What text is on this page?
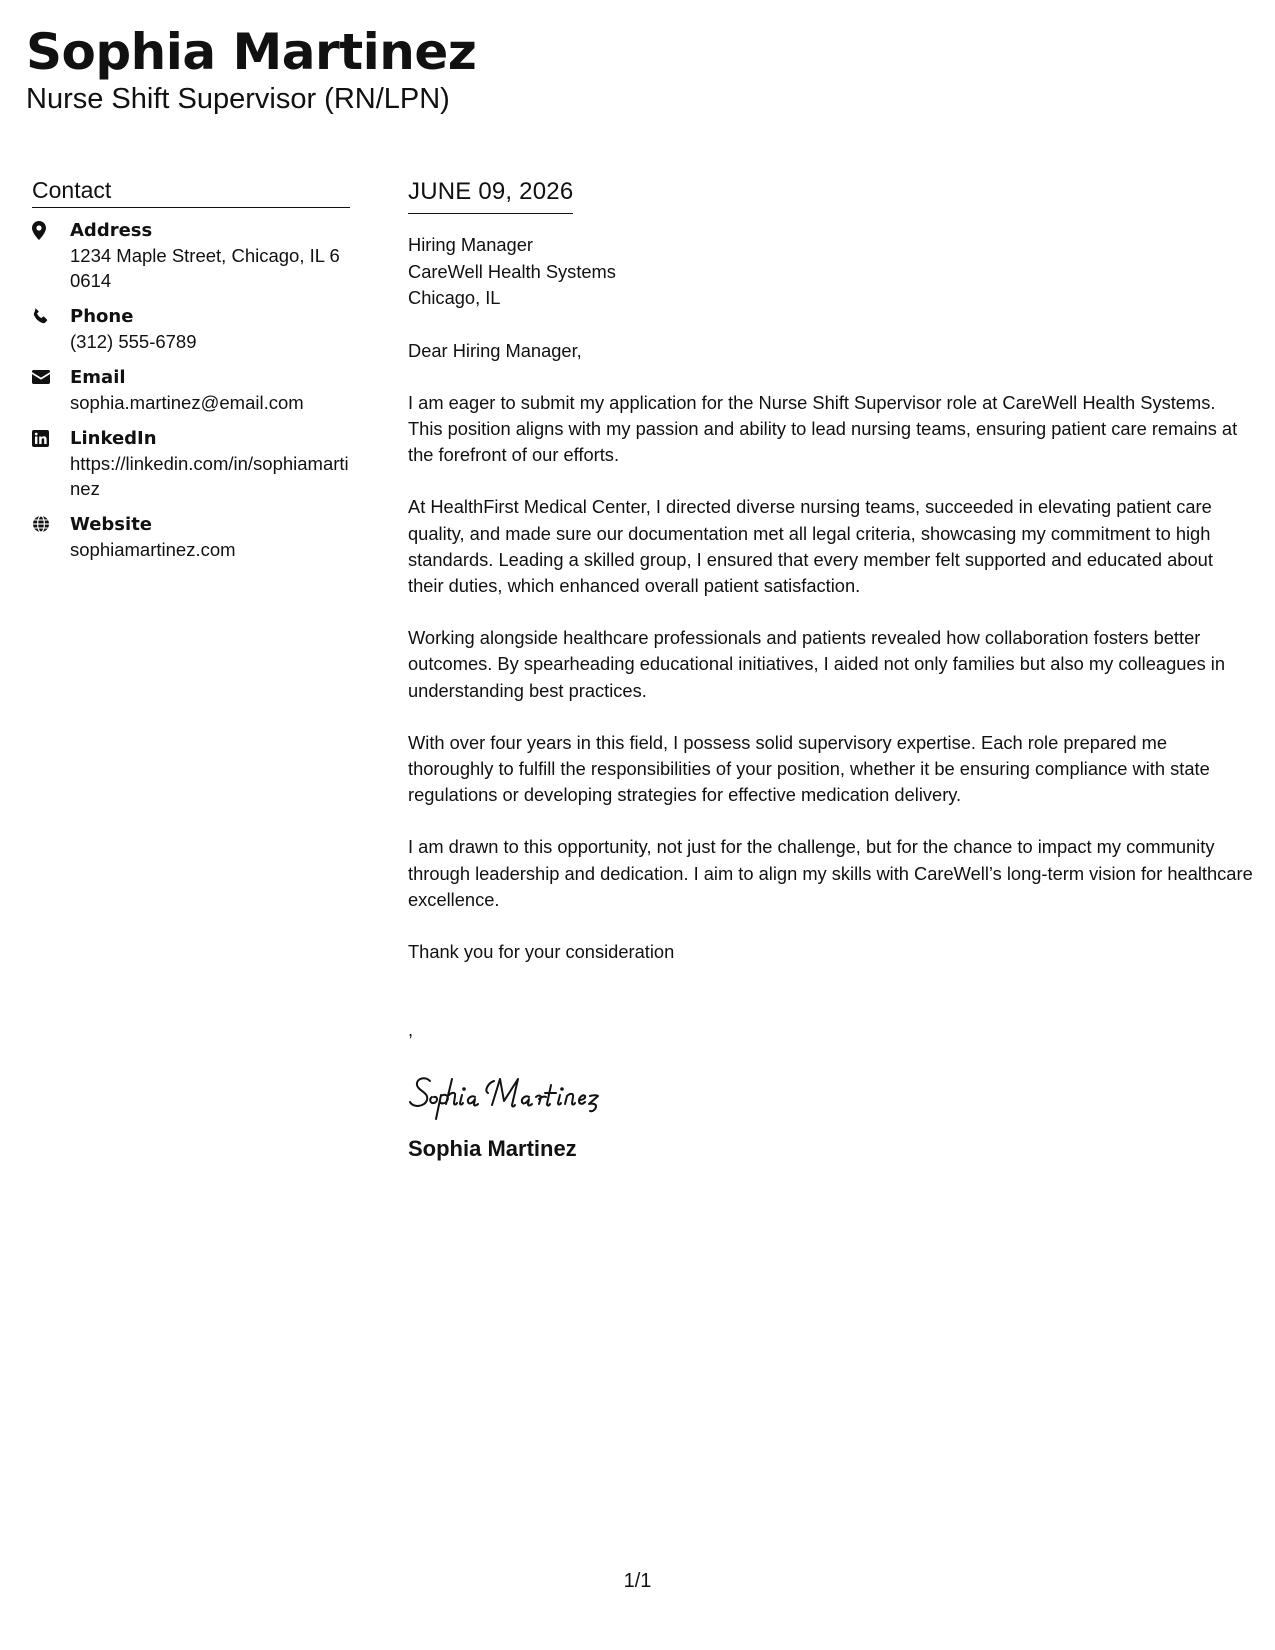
Sophia Martinez
Nurse Shift Supervisor (RN/LPN)
Contact
Address
1234 Maple Street, Chicago, IL 60614
Phone
(312) 555-6789
Email
sophia.martinez@email.com
LinkedIn
https://linkedin.com/in/sophiamartinez
Website
sophiamartinez.com
JUNE 09, 2026
Hiring Manager
CareWell Health Systems
Chicago, IL
Dear Hiring Manager,
I am eager to submit my application for the Nurse Shift Supervisor role at CareWell Health Systems. This position aligns with my passion and ability to lead nursing teams, ensuring patient care remains at the forefront of our efforts.
At HealthFirst Medical Center, I directed diverse nursing teams, succeeded in elevating patient care quality, and made sure our documentation met all legal criteria, showcasing my commitment to high standards. Leading a skilled group, I ensured that every member felt supported and educated about their duties, which enhanced overall patient satisfaction.
Working alongside healthcare professionals and patients revealed how collaboration fosters better outcomes. By spearheading educational initiatives, I aided not only families but also my colleagues in understanding best practices.
With over four years in this field, I possess solid supervisory expertise. Each role prepared me thoroughly to fulfill the responsibilities of your position, whether it be ensuring compliance with state regulations or developing strategies for effective medication delivery.
I am drawn to this opportunity, not just for the challenge, but for the chance to impact my community through leadership and dedication. I aim to align my skills with CareWell’s long-term vision for healthcare excellence.
Thank you for your consideration
,
Sophia Martinez
1/1
